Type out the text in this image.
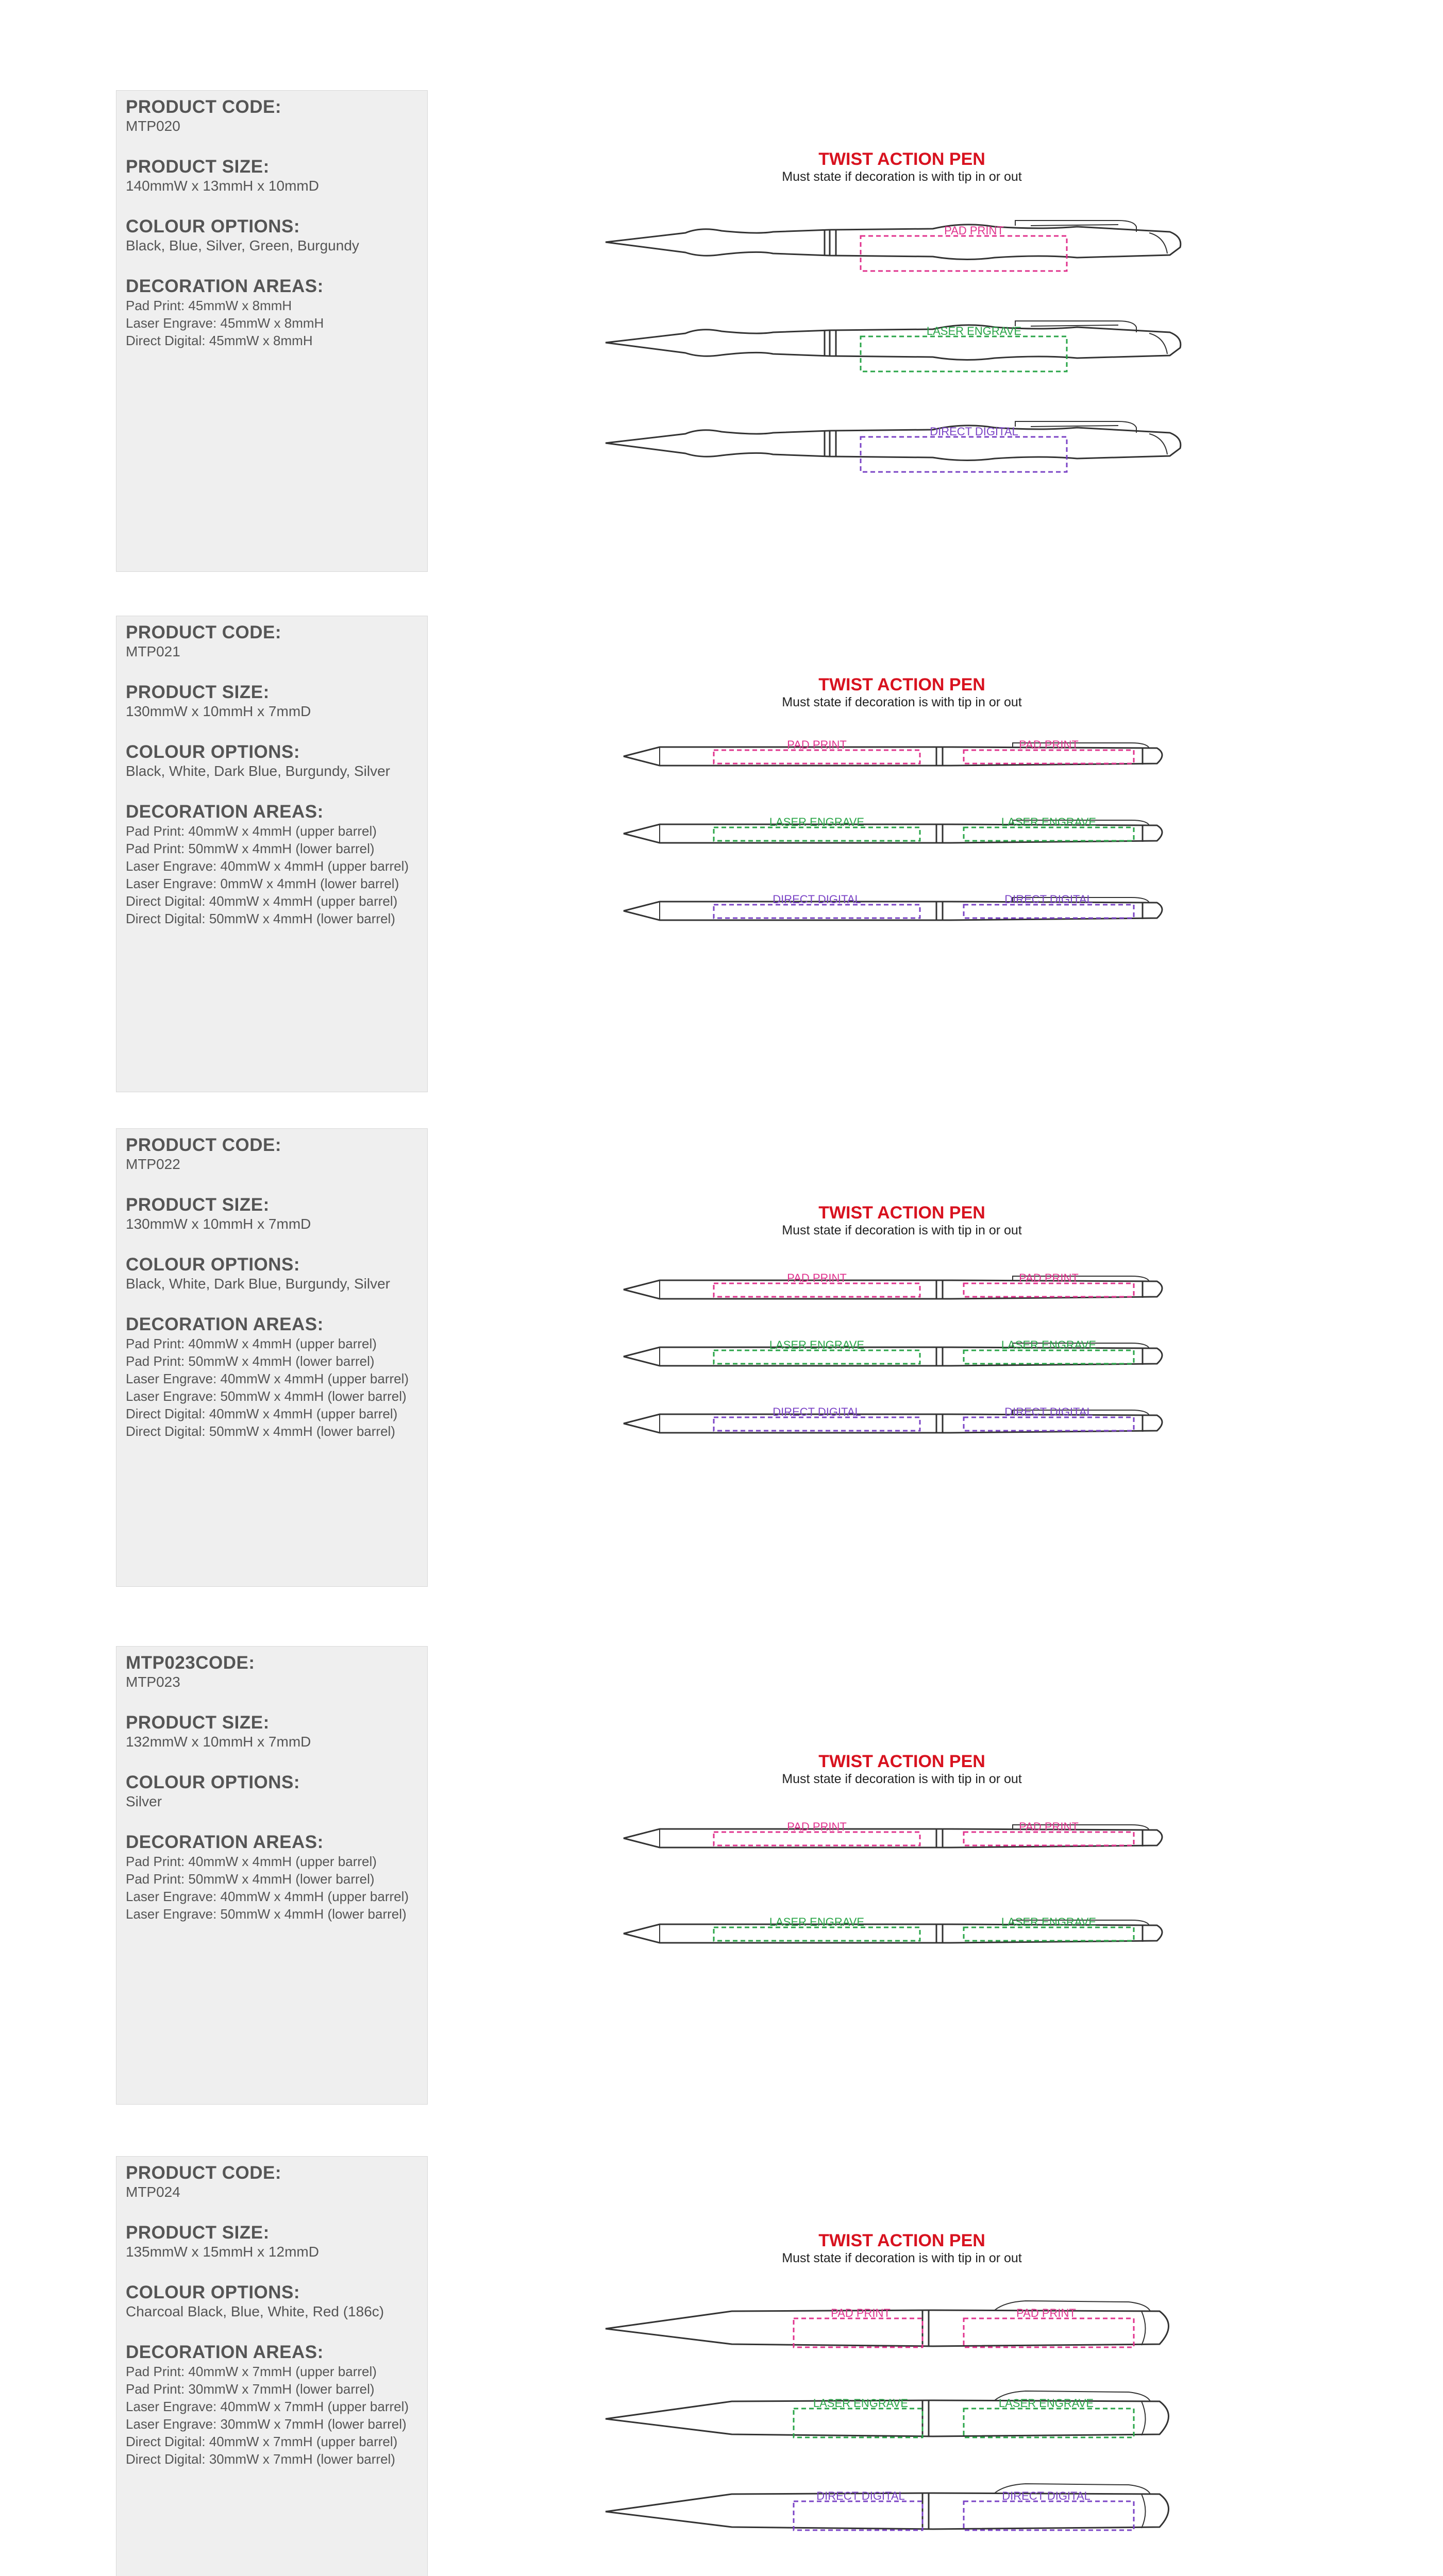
PRODUCT CODE:

MTP020

PRODUCT SIZE:

140mmW x 13mmH x 10mmD

COLOUR OPTIONS:

Black, Blue, Silver, Green, Burgundy

DECORATION AREAS:

Pad Print: 45mmW x 8mmH
Laser Engrave: 45mmW x 8mmH
Direct Digital: 45mmW x 8mmH

PRODUCT CODE:

MTP021

PRODUCT SIZE:

130mmW x 10mmH x 7mmD

COLOUR OPTIONS:

Black, White, Dark Blue, Burgundy, Silver

DECORATION AREAS:

Pad Print: 40mmW x 4mmH (upper barrel)
Pad Print: 50mmW x 4mmH (lower barrel)
Laser Engrave: 40mmW x 4mmH (upper barrel)
Laser Engrave: 0mmW x 4mmH (lower barrel)
Direct Digital: 40mmW x 4mmH (upper barrel)
Direct Digital: 50mmW x 4mmH (lower barrel)

PRODUCT CODE:

MTP022

PRODUCT SIZE:

130mmW x 10mmH x 7mmD

COLOUR OPTIONS:

Black, White, Dark Blue, Burgundy, Silver

DECORATION AREAS:

Pad Print: 40mmW x 4mmH (upper barrel)
Pad Print: 50mmW x 4mmH (lower barrel)
Laser Engrave: 40mmW x 4mmH (upper barrel)
Laser Engrave: 50mmW x 4mmH (lower barrel)
Direct Digital: 40mmW x 4mmH (upper barrel)
Direct Digital: 50mmW x 4mmH (lower barrel)

MTP023CODE:

MTP023

PRODUCT SIZE:

132mmW x 10mmH x 7mmD

COLOUR OPTIONS:

Silver

DECORATION AREAS:

Pad Print: 40mmW x 4mmH (upper barrel)
Pad Print: 50mmW x 4mmH (lower barrel)
Laser Engrave: 40mmW x 4mmH (upper barrel)
Laser Engrave: 50mmW x 4mmH (lower barrel)

PRODUCT CODE:

MTP024

PRODUCT SIZE:

135mmW x 15mmH x 12mmD

COLOUR OPTIONS:

Charcoal Black, Blue, White, Red (186c)

DECORATION AREAS:

Pad Print: 40mmW x 7mmH (upper barrel)
Pad Print: 30mmW x 7mmH (lower barrel)
Laser Engrave: 40mmW x 7mmH (upper barrel)
Laser Engrave: 30mmW x 7mmH (lower barrel)
Direct Digital: 40mmW x 7mmH (upper barrel)
Direct Digital: 30mmW x 7mmH (lower barrel)

TWIST ACTION PEN
Must state if decoration is with tip in or out
TWIST ACTION PEN
Must state if decoration is with tip in or out
TWIST ACTION PEN
Must state if decoration is with tip in or out
TWIST ACTION PEN
Must state if decoration is with tip in or out
TWIST ACTION PEN
Must state if decoration is with tip in or out
PAD PRINT
LASER ENGRAVE
DIRECT DIGITAL
PAD PRINT	PAD PRINT
LASER ENGRAVE	LASER ENGRAVE
DIRECT DIGITAL	DIRECT DIGITAL
PAD PRINT	PAD PRINT
LASER ENGRAVE	LASER ENGRAVE
DIRECT DIGITAL	DIRECT DIGITAL
PAD PRINT	PAD PRINT
LASER ENGRAVE	LASER ENGRAVE
PAD PRINT	PAD PRINT
LASER ENGRAVE	LASER ENGRAVE
DIRECT DIGITAL	DIRECT DIGITAL
